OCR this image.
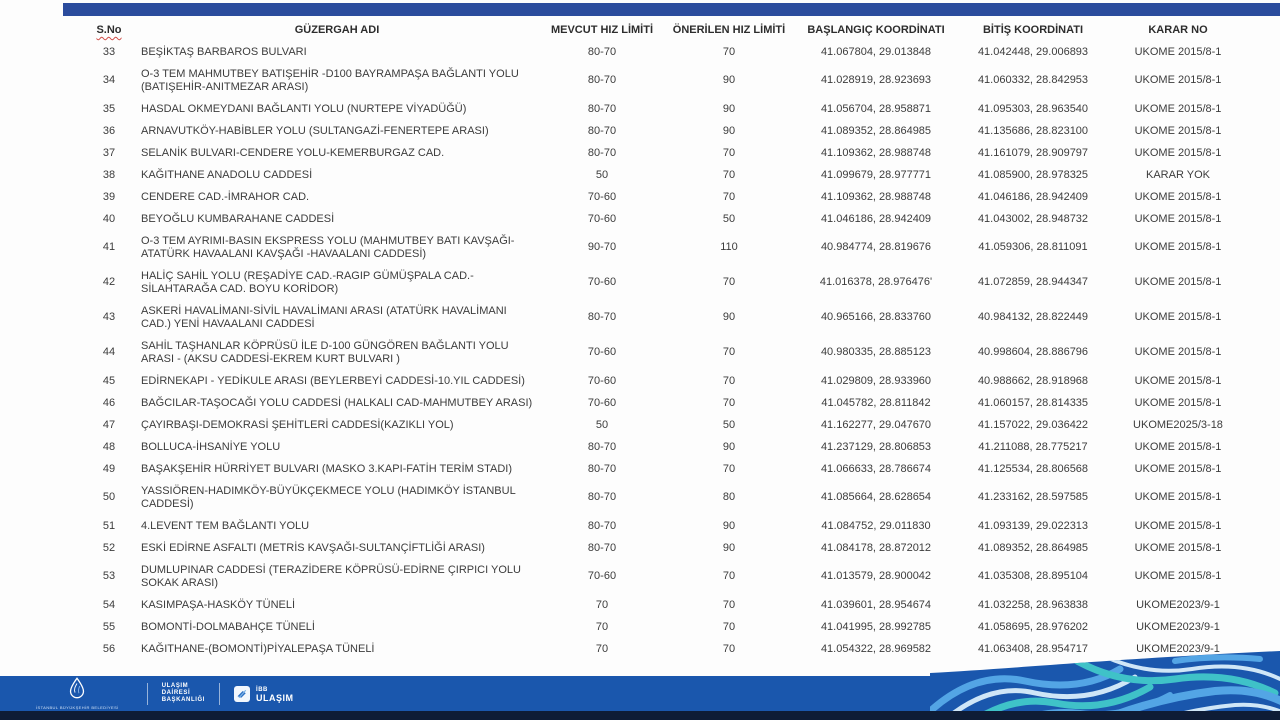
S.No	GÜZERGAH ADI	MEVCUT HIZ LİMİTİ	ÖNERİLEN HIZ LİMİTİ	BAŞLANGIÇ KOORDİNATI	BİTİŞ KOORDİNATI	KARAR NO
33	BEŞİKTAŞ BARBAROS BULVARI	80-70	70	41.067804, 29.013848	41.042448, 29.006893	UKOME 2015/8-1
34	O-3 TEM MAHMUTBEY BATIŞEHİR -D100 BAYRAMPAŞA BAĞLANTI YOLU (BATIŞEHİR-ANITMEZAR ARASI)	80-70	90	41.028919, 28.923693	41.060332, 28.842953	UKOME 2015/8-1
35	HASDAL OKMEYDANI BAĞLANTI YOLU (NURTEPE VİYADÜĞÜ)	80-70	90	41.056704, 28.958871	41.095303, 28.963540	UKOME 2015/8-1
36	ARNAVUTKÖY-HABİBLER YOLU (SULTANGAZİ-FENERTEPE ARASI)	80-70	90	41.089352, 28.864985	41.135686, 28.823100	UKOME 2015/8-1
37	SELANİK BULVARI-CENDERE YOLU-KEMERBURGAZ CAD.	80-70	70	41.109362, 28.988748	41.161079, 28.909797	UKOME 2015/8-1
38	KAĞITHANE ANADOLU CADDESİ	50	70	41.099679, 28.977771	41.085900, 28.978325	KARAR YOK
39	CENDERE CAD.-İMRAHOR CAD.	70-60	70	41.109362, 28.988748	41.046186, 28.942409	UKOME 2015/8-1
40	BEYOĞLU KUMBARAHANE CADDESİ	70-60	50	41.046186, 28.942409	41.043002, 28.948732	UKOME 2015/8-1
41	O-3 TEM AYRIMI-BASIN EKSPRESS YOLU (MAHMUTBEY BATI KAVŞAĞI-ATATÜRK HAVAALANI KAVŞAĞI -HAVAALANI CADDESİ)	90-70	110	40.984774, 28.819676	41.059306, 28.811091	UKOME 2015/8-1
42	HALİÇ SAHİL YOLU (REŞADİYE CAD.-RAGIP GÜMÜŞPALA CAD.-SİLAHTARAĞA CAD. BOYU KORİDOR)	70-60	70	41.016378, 28.976476'	41.072859, 28.944347	UKOME 2015/8-1
43	ASKERİ HAVALİMANI-SİVİL HAVALİMANI ARASI (ATATÜRK HAVALİMANI CAD.) YENİ HAVAALANI CADDESİ	80-70	90	40.965166, 28.833760	40.984132, 28.822449	UKOME 2015/8-1
44	SAHİL TAŞHANLAR KÖPRÜSÜ İLE D-100 GÜNGÖREN BAĞLANTI YOLU ARASI - (AKSU CADDESİ-EKREM KURT BULVARI )	70-60	70	40.980335, 28.885123	40.998604, 28.886796	UKOME 2015/8-1
45	EDİRNEKAPI - YEDİKULE ARASI (BEYLERBEYİ CADDESİ-10.YIL CADDESİ)	70-60	70	41.029809, 28.933960	40.988662, 28.918968	UKOME 2015/8-1
46	BAĞCILAR-TAŞOCAĞI YOLU CADDESİ (HALKALI CAD-MAHMUTBEY ARASI)	70-60	70	41.045782, 28.811842	41.060157, 28.814335	UKOME 2015/8-1
47	ÇAYIRBAŞI-DEMOKRASİ ŞEHİTLERİ CADDESİ(KAZIKLI YOL)	50	50	41.162277, 29.047670	41.157022, 29.036422	UKOME2025/3-18
48	BOLLUCA-İHSANİYE YOLU	80-70	90	41.237129, 28.806853	41.211088, 28.775217	UKOME 2015/8-1
49	BAŞAKŞEHİR HÜRRİYET BULVARI (MASKO 3.KAPI-FATİH TERİM STADI)	80-70	70	41.066633, 28.786674	41.125534, 28.806568	UKOME 2015/8-1
50	YASSIÖREN-HADIMKÖY-BÜYÜKÇEKMECE YOLU (HADIMKÖY İSTANBUL CADDESİ)	80-70	80	41.085664, 28.628654	41.233162, 28.597585	UKOME 2015/8-1
51	4.LEVENT TEM BAĞLANTI YOLU	80-70	90	41.084752, 29.011830	41.093139, 29.022313	UKOME 2015/8-1
52	ESKİ EDİRNE ASFALTI (METRİS KAVŞAĞI-SULTANÇİFTLİĞİ ARASI)	80-70	90	41.084178, 28.872012	41.089352, 28.864985	UKOME 2015/8-1
53	DUMLUPINAR CADDESİ (TERAZİDERE KÖPRÜSÜ-EDİRNE ÇIRPICI YOLU SOKAK ARASI)	70-60	70	41.013579, 28.900042	41.035308, 28.895104	UKOME 2015/8-1
54	KASIMPAŞA-HASKÖY TÜNELİ	70	70	41.039601, 28.954674	41.032258, 28.963838	UKOME2023/9-1
55	BOMONTİ-DOLMABAHÇE TÜNELİ	70	70	41.041995, 28.992785	41.058695, 28.976202	UKOME2023/9-1
56	KAĞITHANE-(BOMONTİ)PİYALEPAŞA TÜNELİ	70	70	41.054322, 28.969582	41.063408, 28.954717	UKOME2023/9-1
İSTANBUL BÜYÜKŞEHİR BELEDİYESİ
ULAŞIM
DAİRESİ
BAŞKANLIĞI
İBB
ULAŞIM
